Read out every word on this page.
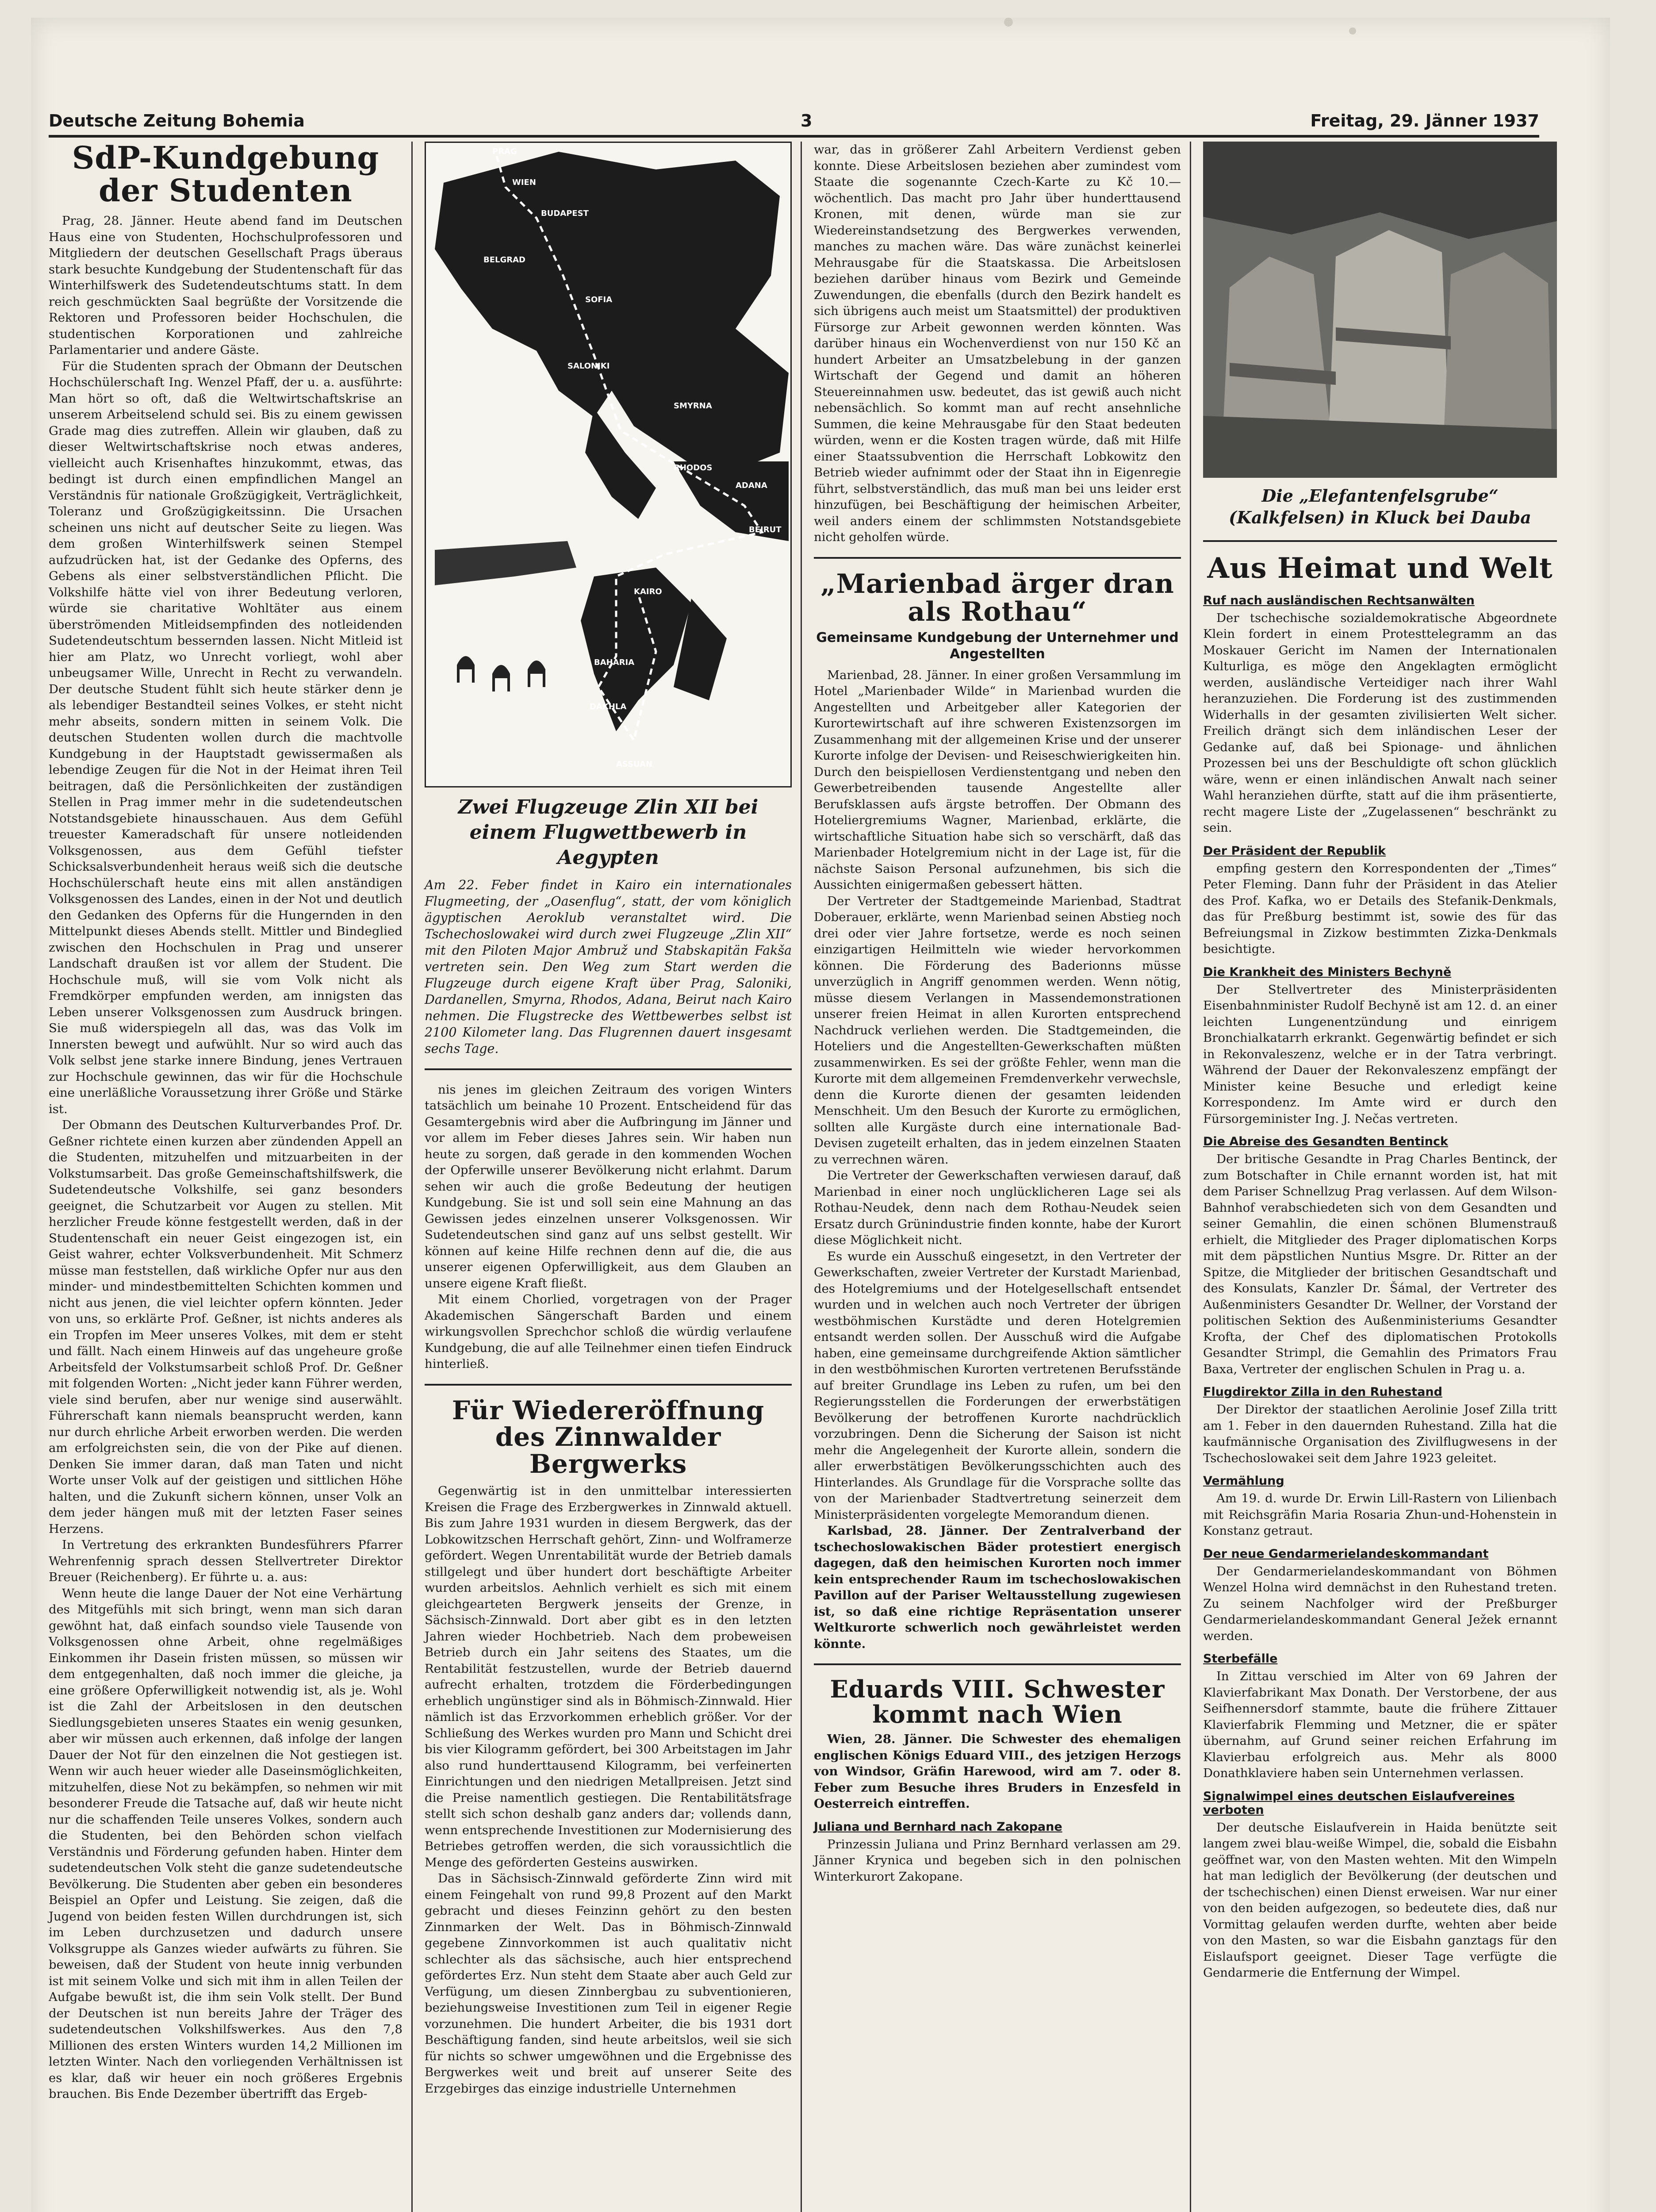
Deutsche Zeitung Bohemia	3	Freitag, 29. Jänner 1937
SdP-Kundgebung der Studenten

Prag, 28. Jänner. Heute abend fand im Deutschen Haus eine von Studenten, Hochschulprofessoren und Mitgliedern der deutschen Gesellschaft Prags überaus stark besuchte Kundgebung der Studentenschaft für das Winterhilfswerk des Sudetendeutschtums statt. In dem reich geschmückten Saal begrüßte der Vorsitzende die Rektoren und Professoren beider Hochschulen, die studentischen Korporationen und zahlreiche Parlamentarier und andere Gäste.

Für die Studenten sprach der Obmann der Deutschen Hochschülerschaft Ing. Wenzel Pfaff, der u. a. ausführte: Man hört so oft, daß die Weltwirtschaftskrise an unserem Arbeitselend schuld sei. Bis zu einem gewissen Grade mag dies zutreffen. Allein wir glauben, daß zu dieser Weltwirtschaftskrise noch etwas anderes, vielleicht auch Krisenhaftes hinzukommt, etwas, das bedingt ist durch einen empfindlichen Mangel an Verständnis für nationale Großzügigkeit, Verträglichkeit, Toleranz und Großzügigkeitssinn. Die Ursachen scheinen uns nicht auf deutscher Seite zu liegen. Was dem großen Winterhilfswerk seinen Stempel aufzudrücken hat, ist der Gedanke des Opferns, des Gebens als einer selbstverständlichen Pflicht. Die Volkshilfe hätte viel von ihrer Bedeutung verloren, würde sie charitative Wohltäter aus einem überströmenden Mitleidsempfinden des notleidenden Sudetendeutschtum bessernden lassen. Nicht Mitleid ist hier am Platz, wo Unrecht vorliegt, wohl aber unbeugsamer Wille, Unrecht in Recht zu verwandeln. Der deutsche Student fühlt sich heute stärker denn je als lebendiger Bestandteil seines Volkes, er steht nicht mehr abseits, sondern mitten in seinem Volk. Die deutschen Studenten wollen durch die machtvolle Kundgebung in der Hauptstadt gewissermaßen als lebendige Zeugen für die Not in der Heimat ihren Teil beitragen, daß die Persönlichkeiten der zuständigen Stellen in Prag immer mehr in die sudetendeutschen Notstandsgebiete hinausschauen. Aus dem Gefühl treuester Kameradschaft für unsere notleidenden Volksgenossen, aus dem Gefühl tiefster Schicksalsverbundenheit heraus weiß sich die deutsche Hochschülerschaft heute eins mit allen anständigen Volksgenossen des Landes, einen in der Not und deutlich den Gedanken des Opferns für die Hungernden in den Mittelpunkt dieses Abends stellt. Mittler und Bindeglied zwischen den Hochschulen in Prag und unserer Landschaft draußen ist vor allem der Student. Die Hochschule muß, will sie vom Volk nicht als Fremdkörper empfunden werden, am innigsten das Leben unserer Volksgenossen zum Ausdruck bringen. Sie muß widerspiegeln all das, was das Volk im Innersten bewegt und aufwühlt. Nur so wird auch das Volk selbst jene starke innere Bindung, jenes Vertrauen zur Hochschule gewinnen, das wir für die Hochschule eine unerläßliche Voraussetzung ihrer Größe und Stärke ist.

Der Obmann des Deutschen Kulturverbandes Prof. Dr. Geßner richtete einen kurzen aber zündenden Appell an die Studenten, mitzuhelfen und mitzuarbeiten in der Volkstumsarbeit. Das große Gemeinschaftshilfswerk, die Sudetendeutsche Volkshilfe, sei ganz besonders geeignet, die Schutzarbeit vor Augen zu stellen. Mit herzlicher Freude könne festgestellt werden, daß in der Studentenschaft ein neuer Geist eingezogen ist, ein Geist wahrer, echter Volksverbundenheit. Mit Schmerz müsse man feststellen, daß wirkliche Opfer nur aus den minder- und mindestbemittelten Schichten kommen und nicht aus jenen, die viel leichter opfern könnten. Jeder von uns, so erklärte Prof. Geßner, ist nichts anderes als ein Tropfen im Meer unseres Volkes, mit dem er steht und fällt. Nach einem Hinweis auf das ungeheure große Arbeitsfeld der Volkstumsarbeit schloß Prof. Dr. Geßner mit folgenden Worten: „Nicht jeder kann Führer werden, viele sind berufen, aber nur wenige sind auserwählt. Führerschaft kann niemals beansprucht werden, kann nur durch ehrliche Arbeit erworben werden. Die werden am erfolgreichsten sein, die von der Pike auf dienen. Denken Sie immer daran, daß man Taten und nicht Worte unser Volk auf der geistigen und sittlichen Höhe halten, und die Zukunft sichern können, unser Volk an dem jeder hängen muß mit der letzten Faser seines Herzens.

In Vertretung des erkrankten Bundesführers Pfarrer Wehrenfennig sprach dessen Stellvertreter Direktor Breuer (Reichenberg). Er führte u. a. aus:

Wenn heute die lange Dauer der Not eine Verhärtung des Mitgefühls mit sich bringt, wenn man sich daran gewöhnt hat, daß einfach soundso viele Tausende von Volksgenossen ohne Arbeit, ohne regelmäßiges Einkommen ihr Dasein fristen müssen, so müssen wir dem entgegenhalten, daß noch immer die gleiche, ja eine größere Opferwilligkeit notwendig ist, als je. Wohl ist die Zahl der Arbeitslosen in den deutschen Siedlungsgebieten unseres Staates ein wenig gesunken, aber wir müssen auch erkennen, daß infolge der langen Dauer der Not für den einzelnen die Not gestiegen ist. Wenn wir auch heuer wieder alle Daseinsmöglichkeiten, mitzuhelfen, diese Not zu bekämpfen, so nehmen wir mit besonderer Freude die Tatsache auf, daß wir heute nicht nur die schaffenden Teile unseres Volkes, sondern auch die Studenten, bei den Behörden schon vielfach Verständnis und Förderung gefunden haben. Hinter dem sudetendeutschen Volk steht die ganze sudetendeutsche Bevölkerung. Die Studenten aber geben ein besonderes Beispiel an Opfer und Leistung. Sie zeigen, daß die Jugend von beiden festen Willen durchdrungen ist, sich im Leben durchzusetzen und dadurch unsere Volksgruppe als Ganzes wieder aufwärts zu führen. Sie beweisen, daß der Student von heute innig verbunden ist mit seinem Volke und sich mit ihm in allen Teilen der Aufgabe bewußt ist, die ihm sein Volk stellt. Der Bund der Deutschen ist nun bereits Jahre der Träger des sudetendeutschen Volkshilfswerkes. Aus den 7,8 Millionen des ersten Winters wurden 14,2 Millionen im letzten Winter. Nach den vorliegenden Verhältnissen ist es klar, daß wir heuer ein noch größeres Ergebnis brauchen. Bis Ende Dezember übertrifft das Ergeb-

PRAG
WIEN
BUDAPEST
BELGRAD
SOFIA
SALONIKI
SMYRNA
ADANA
RHODOS
BEIRUT
KAIRO
ASSUAN
BAHARIA
DAKHLA

Zwei Flugzeuge Zlin XII bei einem Flugwettbewerb in Aegypten

Am 22. Feber findet in Kairo ein internationales Flugmeeting, der „Oasenflug“, statt, der vom königlich ägyptischen Aeroklub veranstaltet wird. Die Tschechoslowakei wird durch zwei Flugzeuge „Zlin XII“ mit den Piloten Major Ambruž und Stabskapitän Fakša vertreten sein. Den Weg zum Start werden die Flugzeuge durch eigene Kraft über Prag, Saloniki, Dardanellen, Smyrna, Rhodos, Adana, Beirut nach Kairo nehmen. Die Flugstrecke des Wettbewerbes selbst ist 2100 Kilometer lang. Das Flugrennen dauert insgesamt sechs Tage.

nis jenes im gleichen Zeitraum des vorigen Winters tatsächlich um beinahe 10 Prozent. Entscheidend für das Gesamtergebnis wird aber die Aufbringung im Jänner und vor allem im Feber dieses Jahres sein. Wir haben nun heute zu sorgen, daß gerade in den kommenden Wochen der Opferwille unserer Bevölkerung nicht erlahmt. Darum sehen wir auch die große Bedeutung der heutigen Kundgebung. Sie ist und soll sein eine Mahnung an das Gewissen jedes einzelnen unserer Volksgenossen. Wir Sudetendeutschen sind ganz auf uns selbst gestellt. Wir können auf keine Hilfe rechnen denn auf die, die aus unserer eigenen Opferwilligkeit, aus dem Glauben an unsere eigene Kraft fließt.

Mit einem Chorlied, vorgetragen von der Prager Akademischen Sängerschaft Barden und einem wirkungsvollen Sprechchor schloß die würdig verlaufene Kundgebung, die auf alle Teilnehmer einen tiefen Eindruck hinterließ.

Für Wiedereröffnung des Zinnwalder Bergwerks

Gegenwärtig ist in den unmittelbar interessierten Kreisen die Frage des Erzbergwerkes in Zinnwald aktuell. Bis zum Jahre 1931 wurden in diesem Bergwerk, das der Lobkowitzschen Herrschaft gehört, Zinn- und Wolframerze gefördert. Wegen Unrentabilität wurde der Betrieb damals stillgelegt und über hundert dort beschäftigte Arbeiter wurden arbeitslos. Aehnlich verhielt es sich mit einem gleichgearteten Bergwerk jenseits der Grenze, in Sächsisch-Zinnwald. Dort aber gibt es in den letzten Jahren wieder Hochbetrieb. Nach dem probeweisen Betrieb durch ein Jahr seitens des Staates, um die Rentabilität festzustellen, wurde der Betrieb dauernd aufrecht erhalten, trotzdem die Förderbedingungen erheblich ungünstiger sind als in Böhmisch-Zinnwald. Hier nämlich ist das Erzvorkommen erheblich größer. Vor der Schließung des Werkes wurden pro Mann und Schicht drei bis vier Kilogramm gefördert, bei 300 Arbeitstagen im Jahr also rund hunderttausend Kilogramm, bei verfeinerten Einrichtungen und den niedrigen Metallpreisen. Jetzt sind die Preise namentlich gestiegen. Die Rentabilitätsfrage stellt sich schon deshalb ganz anders dar; vollends dann, wenn entsprechende Investitionen zur Modernisierung des Betriebes getroffen werden, die sich voraussichtlich die Menge des geförderten Gesteins auswirken.

Das in Sächsisch-Zinnwald geförderte Zinn wird mit einem Feingehalt von rund 99,8 Prozent auf den Markt gebracht und dieses Feinzinn gehört zu den besten Zinnmarken der Welt. Das in Böhmisch-Zinnwald gegebene Zinnvorkommen ist auch qualitativ nicht schlechter als das sächsische, auch hier entsprechend gefördertes Erz. Nun steht dem Staate aber auch Geld zur Verfügung, um diesen Zinnbergbau zu subventionieren, beziehungsweise Investitionen zum Teil in eigener Regie vorzunehmen. Die hundert Arbeiter, die bis 1931 dort Beschäftigung fanden, sind heute arbeitslos, weil sie sich für nichts so schwer umgewöhnen und die Ergebnisse des Bergwerkes weit und breit auf unserer Seite des Erzgebirges das einzige industrielle Unternehmen

war, das in größerer Zahl Arbeitern Verdienst geben konnte. Diese Arbeitslosen beziehen aber zumindest vom Staate die sogenannte Czech-Karte zu Kč 10.— wöchentlich. Das macht pro Jahr über hunderttausend Kronen, mit denen, würde man sie zur Wiedereinstandsetzung des Bergwerkes verwenden, manches zu machen wäre. Das wäre zunächst keinerlei Mehrausgabe für die Staatskassa. Die Arbeitslosen beziehen darüber hinaus vom Bezirk und Gemeinde Zuwendungen, die ebenfalls (durch den Bezirk handelt es sich übrigens auch meist um Staatsmittel) der produktiven Fürsorge zur Arbeit gewonnen werden könnten. Was darüber hinaus ein Wochenverdienst von nur 150 Kč an hundert Arbeiter an Umsatzbelebung in der ganzen Wirtschaft der Gegend und damit an höheren Steuereinnahmen usw. bedeutet, das ist gewiß auch nicht nebensächlich. So kommt man auf recht ansehnliche Summen, die keine Mehrausgabe für den Staat bedeuten würden, wenn er die Kosten tragen würde, daß mit Hilfe einer Staatssubvention die Herrschaft Lobkowitz den Betrieb wieder aufnimmt oder der Staat ihn in Eigenregie führt, selbstverständlich, das muß man bei uns leider erst hinzufügen, bei Beschäftigung der heimischen Arbeiter, weil anders einem der schlimmsten Notstandsgebiete nicht geholfen würde.

„Marienbad ärger dran als Rothau“
Gemeinsame Kundgebung der Unternehmer und Angestellten

Marienbad, 28. Jänner. In einer großen Versammlung im Hotel „Marienbader Wilde“ in Marienbad wurden die Angestellten und Arbeitgeber aller Kategorien der Kurortewirtschaft auf ihre schweren Existenzsorgen im Zusammenhang mit der allgemeinen Krise und der unserer Kurorte infolge der Devisen- und Reiseschwierigkeiten hin. Durch den beispiellosen Verdienstentgang und neben den Gewerbetreibenden tausende Angestellte aller Berufsklassen aufs ärgste betroffen. Der Obmann des Hoteliergremiums Wagner, Marienbad, erklärte, die wirtschaftliche Situation habe sich so verschärft, daß das Marienbader Hotelgremium nicht in der Lage ist, für die nächste Saison Personal aufzunehmen, bis sich die Aussichten einigermaßen gebessert hätten.

Der Vertreter der Stadtgemeinde Marienbad, Stadtrat Doberauer, erklärte, wenn Marienbad seinen Abstieg noch drei oder vier Jahre fortsetze, werde es noch seinen einzigartigen Heilmitteln wie wieder hervorkommen können. Die Förderung des Baderionns müsse unverzüglich in Angriff genommen werden. Wenn nötig, müsse diesem Verlangen in Massendemonstrationen unserer freien Heimat in allen Kurorten entsprechend Nachdruck verliehen werden. Die Stadtgemeinden, die Hoteliers und die Angestellten-Gewerkschaften müßten zusammenwirken. Es sei der größte Fehler, wenn man die Kurorte mit dem allgemeinen Fremdenverkehr verwechsle, denn die Kurorte dienen der gesamten leidenden Menschheit. Um den Besuch der Kurorte zu ermöglichen, sollten alle Kurgäste durch eine internationale Bad-Devisen zugeteilt erhalten, das in jedem einzelnen Staaten zu verrechnen wären.

Die Vertreter der Gewerkschaften verwiesen darauf, daß Marienbad in einer noch unglücklicheren Lage sei als Rothau-Neudek, denn nach dem Rothau-Neudek seien Ersatz durch Grünindustrie finden konnte, habe der Kurort diese Möglichkeit nicht.

Es wurde ein Ausschuß eingesetzt, in den Vertreter der Gewerkschaften, zweier Vertreter der Kurstadt Marienbad, des Hotelgremiums und der Hotelgesellschaft entsendet wurden und in welchen auch noch Vertreter der übrigen westböhmischen Kurstädte und deren Hotelgremien entsandt werden sollen. Der Ausschuß wird die Aufgabe haben, eine gemeinsame durchgreifende Aktion sämtlicher in den westböhmischen Kurorten vertretenen Berufsstände auf breiter Grundlage ins Leben zu rufen, um bei den Regierungsstellen die Forderungen der erwerbstätigen Bevölkerung der betroffenen Kurorte nachdrücklich vorzubringen. Denn die Sicherung der Saison ist nicht mehr die Angelegenheit der Kurorte allein, sondern die aller erwerbstätigen Bevölkerungsschichten auch des Hinterlandes. Als Grundlage für die Vorsprache sollte das von der Marienbader Stadtvertretung seinerzeit dem Ministerpräsidenten vorgelegte Memorandum dienen.

Karlsbad, 28. Jänner. Der Zentralverband der tschechoslowakischen Bäder protestiert energisch dagegen, daß den heimischen Kurorten noch immer kein entsprechender Raum im tschechoslowakischen Pavillon auf der Pariser Weltausstellung zugewiesen ist, so daß eine richtige Repräsentation unserer Weltkurorte schwerlich noch gewährleistet werden könnte.

Eduards VIII. Schwester kommt nach Wien

Wien, 28. Jänner. Die Schwester des ehemaligen englischen Königs Eduard VIII., des jetzigen Herzogs von Windsor, Gräfin Harewood, wird am 7. oder 8. Feber zum Besuche ihres Bruders in Enzesfeld in Oesterreich eintreffen.

Juliana und Bernhard nach Zakopane

Prinzessin Juliana und Prinz Bernhard verlassen am 29. Jänner Krynica und begeben sich in den polnischen Winterkurort Zakopane.

Die „Elefantenfelsgrube“ (Kalkfelsen) in Kluck bei Dauba

Aus Heimat und Welt
Ruf nach ausländischen Rechtsanwälten

Der tschechische sozialdemokratische Abgeordnete Klein fordert in einem Protesttelegramm an das Moskauer Gericht im Namen der Internationalen Kulturliga, es möge den Angeklagten ermöglicht werden, ausländische Verteidiger nach ihrer Wahl heranzuziehen. Die Forderung ist des zustimmenden Widerhalls in der gesamten zivilisierten Welt sicher. Freilich drängt sich dem inländischen Leser der Gedanke auf, daß bei Spionage- und ähnlichen Prozessen bei uns der Beschuldigte oft schon glücklich wäre, wenn er einen inländischen Anwalt nach seiner Wahl heranziehen dürfte, statt auf die ihm präsentierte, recht magere Liste der „Zugelassenen“ beschränkt zu sein.

Der Präsident der Republik

empfing gestern den Korrespondenten der „Times“ Peter Fleming. Dann fuhr der Präsident in das Atelier des Prof. Kafka, wo er Details des Stefanik-Denkmals, das für Preßburg bestimmt ist, sowie des für das Befreiungsmal in Zizkow bestimmten Zizka-Denkmals besichtigte.

Die Krankheit des Ministers Bechyně

Der Stellvertreter des Ministerpräsidenten Eisenbahnminister Rudolf Bechyně ist am 12. d. an einer leichten Lungenentzündung und einrigem Bronchialkatarrh erkrankt. Gegenwärtig befindet er sich in Rekonvaleszenz, welche er in der Tatra verbringt. Während der Dauer der Rekonvaleszenz empfängt der Minister keine Besuche und erledigt keine Korrespondenz. Im Amte wird er durch den Fürsorgeminister Ing. J. Nečas vertreten.

Die Abreise des Gesandten Bentinck

Der britische Gesandte in Prag Charles Bentinck, der zum Botschafter in Chile ernannt worden ist, hat mit dem Pariser Schnellzug Prag verlassen. Auf dem Wilson-Bahnhof verabschiedeten sich von dem Gesandten und seiner Gemahlin, die einen schönen Blumenstrauß erhielt, die Mitglieder des Prager diplomatischen Korps mit dem päpstlichen Nuntius Msgre. Dr. Ritter an der Spitze, die Mitglieder der britischen Gesandtschaft und des Konsulats, Kanzler Dr. Šámal, der Vertreter des Außenministers Gesandter Dr. Wellner, der Vorstand der politischen Sektion des Außenministeriums Gesandter Krofta, der Chef des diplomatischen Protokolls Gesandter Strimpl, die Gemahlin des Primators Frau Baxa, Vertreter der englischen Schulen in Prag u. a.

Flugdirektor Zilla in den Ruhestand

Der Direktor der staatlichen Aerolinie Josef Zilla tritt am 1. Feber in den dauernden Ruhestand. Zilla hat die kaufmännische Organisation des Zivilflugwesens in der Tschechoslowakei seit dem Jahre 1923 geleitet.

Vermählung

Am 19. d. wurde Dr. Erwin Lill-Rastern von Lilienbach mit Reichsgräfin Maria Rosaria Zhun-und-Hohenstein in Konstanz getraut.

Der neue Gendarmerielandeskommandant

Der Gendarmerielandeskommandant von Böhmen Wenzel Holna wird demnächst in den Ruhestand treten. Zu seinem Nachfolger wird der Preßburger Gendarmerielandeskommandant General Ježek ernannt werden.

Sterbefälle

In Zittau verschied im Alter von 69 Jahren der Klavierfabrikant Max Donath. Der Verstorbene, der aus Seifhennersdorf stammte, baute die frühere Zittauer Klavierfabrik Flemming und Metzner, die er später übernahm, auf Grund seiner reichen Erfahrung im Klavierbau erfolgreich aus. Mehr als 8000 Donathklaviere haben sein Unternehmen verlassen.

Signalwimpel eines deutschen Eislaufvereines verboten

Der deutsche Eislaufverein in Haida benützte seit langem zwei blau-weiße Wimpel, die, sobald die Eisbahn geöffnet war, von den Masten wehten. Mit den Wimpeln hat man lediglich der Bevölkerung (der deutschen und der tschechischen) einen Dienst erweisen. War nur einer von den beiden aufgezogen, so bedeutete dies, daß nur Vormittag gelaufen werden durfte, wehten aber beide von den Masten, so war die Eisbahn ganztags für den Eislaufsport geeignet. Dieser Tage verfügte die Gendarmerie die Entfernung der Wimpel.
